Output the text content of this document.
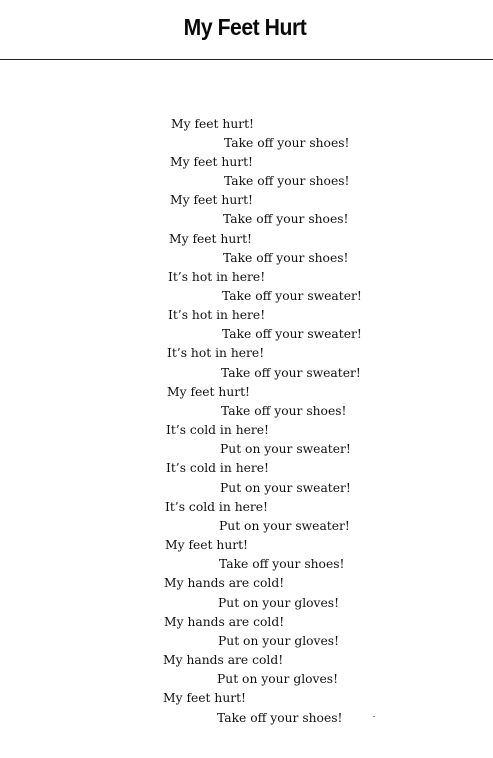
My Feet Hurt
My feet hurt!
Take off your shoes!
My feet hurt!
Take off your shoes!
My feet hurt!
Take off your shoes!
My feet hurt!
Take off your shoes!
It’s hot in here!
Take off your sweater!
It’s hot in here!
Take off your sweater!
It’s hot in here!
Take off your sweater!
My feet hurt!
Take off your shoes!
It’s cold in here!
Put on your sweater!
It’s cold in here!
Put on your sweater!
It’s cold in here!
Put on your sweater!
My feet hurt!
Take off your shoes!
My hands are cold!
Put on your gloves!
My hands are cold!
Put on your gloves!
My hands are cold!
Put on your gloves!
My feet hurt!
Take off your shoes!
